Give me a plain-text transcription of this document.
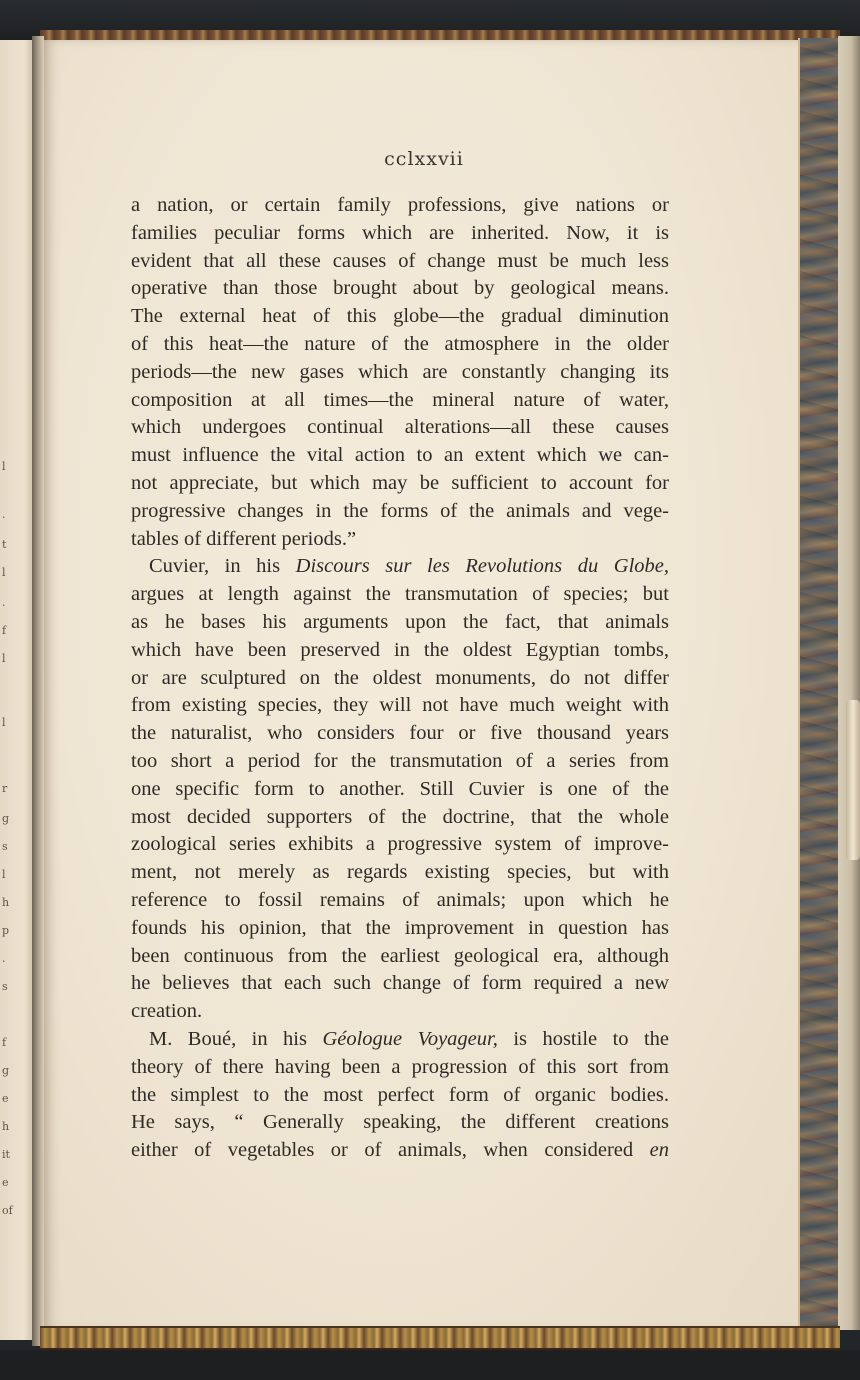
l
.
t
l
.
f
l
l
r
g
s
l
h
p
.
s
f
g
e
h
it
e
of
cclxxvii
a nation, or certain family professions, give nations or
families peculiar forms which are inherited. Now, it is
evident that all these causes of change must be much less
operative than those brought about by geological means.
The external heat of this globe—the gradual diminution
of this heat—the nature of the atmosphere in the older
periods—the new gases which are constantly changing its
composition at all times—the mineral nature of water,
which undergoes continual alterations—all these causes
must influence the vital action to an extent which we can-
not appreciate, but which may be sufficient to account for
progressive changes in the forms of the animals and vege-
tables of different periods.”
Cuvier, in his Discours sur les Revolutions du Globe,
argues at length against the transmutation of species; but
as he bases his arguments upon the fact, that animals
which have been preserved in the oldest Egyptian tombs,
or are sculptured on the oldest monuments, do not differ
from existing species, they will not have much weight with
the naturalist, who considers four or five thousand years
too short a period for the transmutation of a series from
one specific form to another. Still Cuvier is one of the
most decided supporters of the doctrine, that the whole
zoological series exhibits a progressive system of improve-
ment, not merely as regards existing species, but with
reference to fossil remains of animals; upon which he
founds his opinion, that the improvement in question has
been continuous from the earliest geological era, although
he believes that each such change of form required a new
creation.
M. Boué, in his Géologue Voyageur, is hostile to the
theory of there having been a progression of this sort from
the simplest to the most perfect form of organic bodies.
He says, “ Generally speaking, the different creations
either of vegetables or of animals, when considered en
